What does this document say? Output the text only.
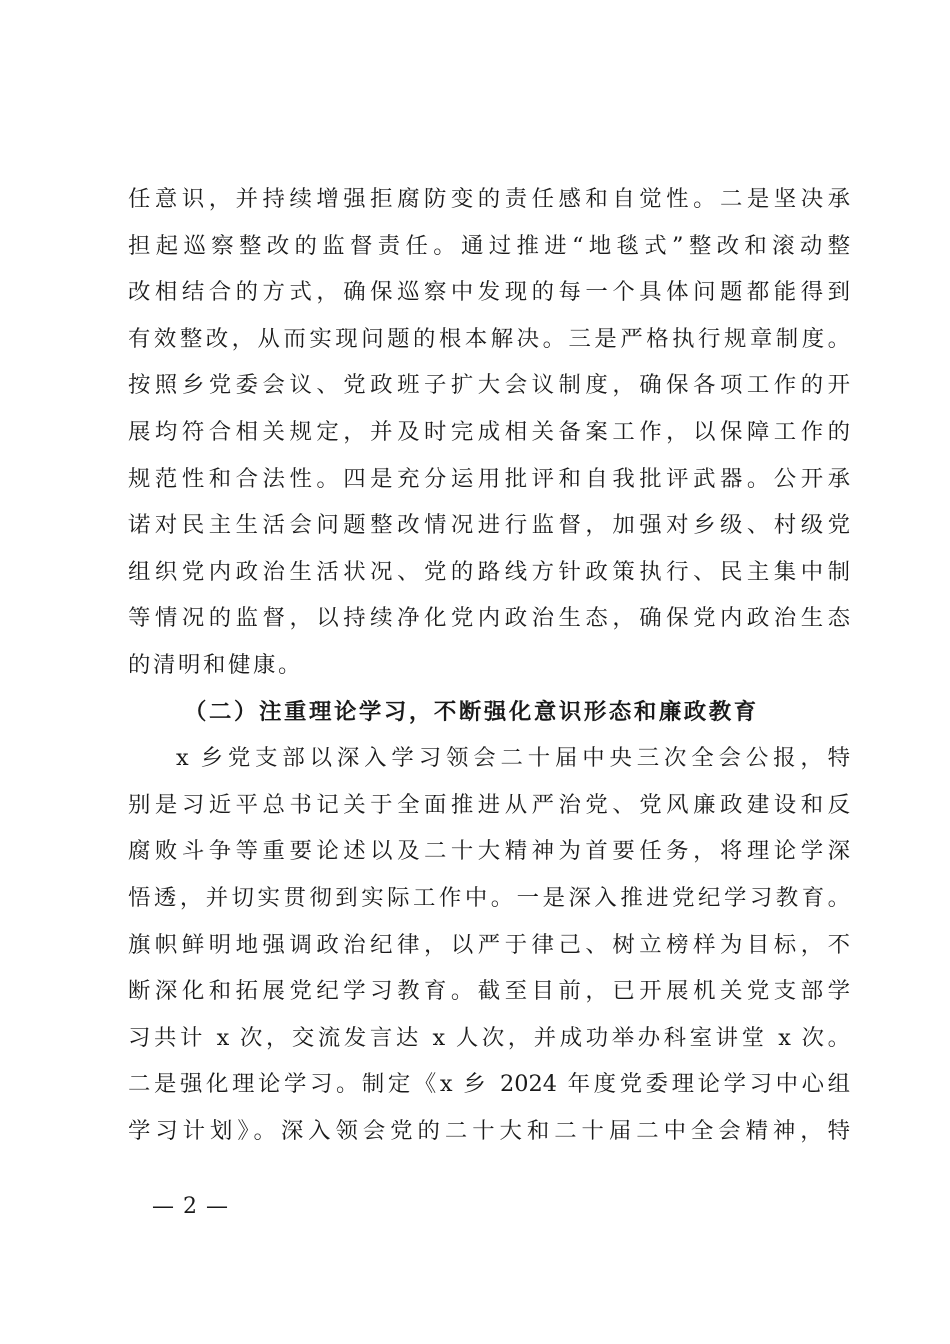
任意识，并持续增强拒腐防变的责任感和自觉性。二是坚决承
担起巡察整改的监督责任。通过推进“地毯式”整改和滚动整
改相结合的方式，确保巡察中发现的每一个具体问题都能得到
有效整改，从而实现问题的根本解决。三是严格执行规章制度。
按照乡党委会议、党政班子扩大会议制度，确保各项工作的开
展均符合相关规定，并及时完成相关备案工作，以保障工作的
规范性和合法性。四是充分运用批评和自我批评武器。公开承
诺对民主生活会问题整改情况进行监督，加强对乡级、村级党
组织党内政治生活状况、党的路线方针政策执行、民主集中制
等情况的监督，以持续净化党内政治生态，确保党内政治生态
的清明和健康。
（二）注重理论学习，不断强化意识形态和廉政教育
x 乡党支部以深入学习领会二十届中央三次全会公报，特
别是习近平总书记关于全面推进从严治党、党风廉政建设和反
腐败斗争等重要论述以及二十大精神为首要任务，将理论学深
悟透，并切实贯彻到实际工作中。一是深入推进党纪学习教育。
旗帜鲜明地强调政治纪律，以严于律己、树立榜样为目标，不
断深化和拓展党纪学习教育。截至目前，已开展机关党支部学
习共计 x 次，交流发言达 x 人次，并成功举办科室讲堂 x 次。
二是强化理论学习。制定《x 乡 2024 年度党委理论学习中心组
学习计划》。深入领会党的二十大和二十届二中全会精神，特
— 2 —
